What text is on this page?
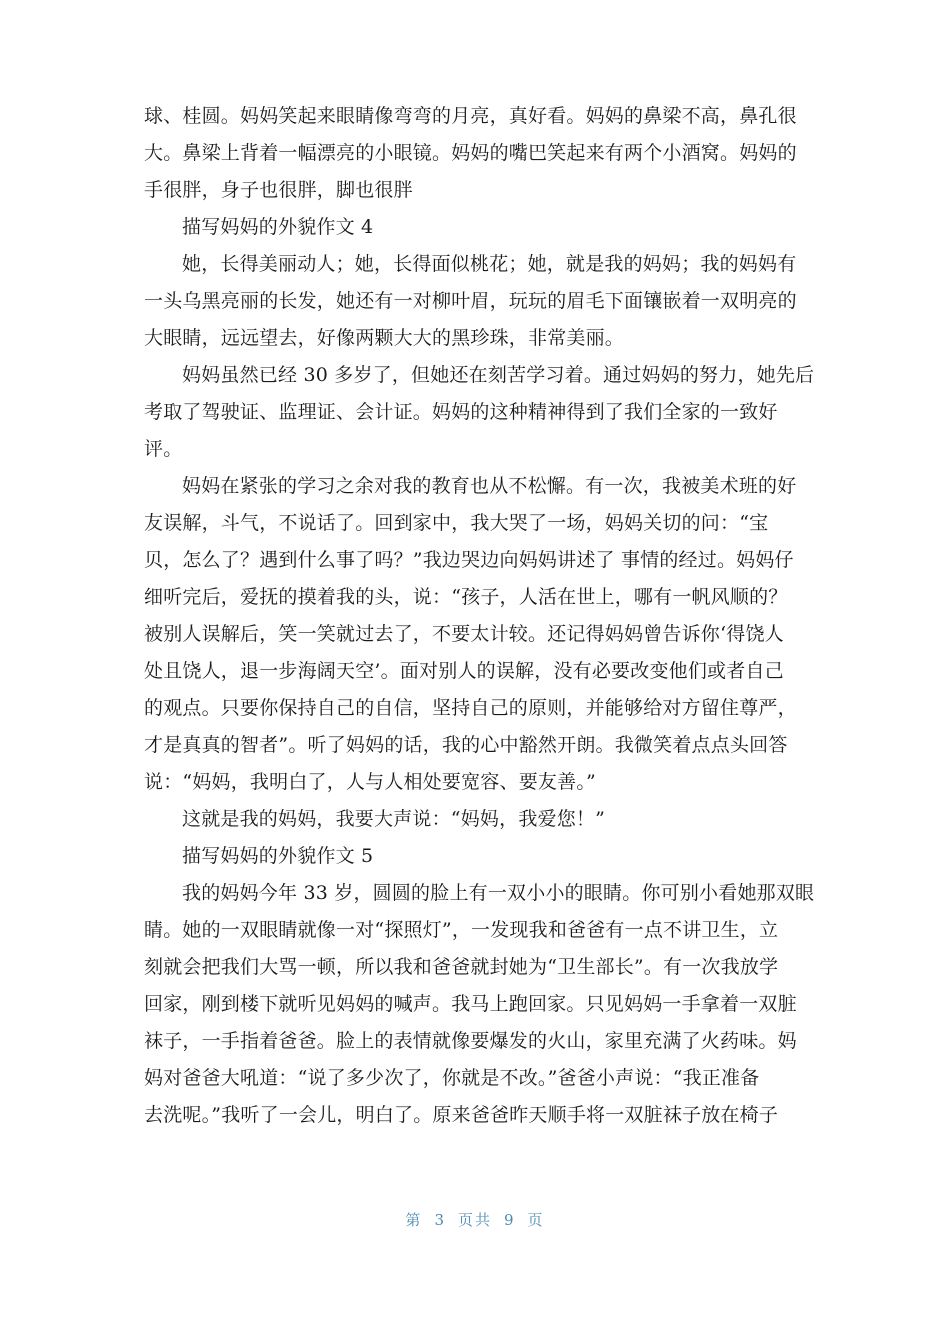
球、桂圆。妈妈笑起来眼睛像弯弯的月亮，真好看。妈妈的鼻梁不高，鼻孔很
大。鼻梁上背着一幅漂亮的小眼镜。妈妈的嘴巴笑起来有两个小酒窝。妈妈的
手很胖，身子也很胖，脚也很胖
描写妈妈的外貌作文 4
她，长得美丽动人；她，长得面似桃花；她，就是我的妈妈；我的妈妈有
一头乌黑亮丽的长发，她还有一对柳叶眉，玩玩的眉毛下面镶嵌着一双明亮的
大眼睛，远远望去，好像两颗大大的黑珍珠，非常美丽。
妈妈虽然已经 30 多岁了，但她还在刻苦学习着。通过妈妈的努力，她先后
考取了驾驶证、监理证、会计证。妈妈的这种精神得到了我们全家的一致好
评。
妈妈在紧张的学习之余对我的教育也从不松懈。有一次，我被美术班的好
友误解，斗气，不说话了。回到家中，我大哭了一场，妈妈关切的问：“宝
贝，怎么了？遇到什么事了吗？”我边哭边向妈妈讲述了 事情的经过。妈妈仔
细听完后，爱抚的摸着我的头，说：“孩子，人活在世上，哪有一帆风顺的？
被别人误解后，笑一笑就过去了，不要太计较。还记得妈妈曾告诉你‘得饶人
处且饶人，退一步海阔天空’。面对别人的误解，没有必要改变他们或者自己
的观点。只要你保持自己的自信，坚持自己的原则，并能够给对方留住尊严，
才是真真的智者”。听了妈妈的话，我的心中豁然开朗。我微笑着点点头回答
说：“妈妈，我明白了，人与人相处要宽容、要友善。”
这就是我的妈妈，我要大声说：“妈妈，我爱您！”
描写妈妈的外貌作文 5
我的妈妈今年 33 岁，圆圆的脸上有一双小小的眼睛。你可别小看她那双眼
睛。她的一双眼睛就像一对“探照灯”，一发现我和爸爸有一点不讲卫生，立
刻就会把我们大骂一顿，所以我和爸爸就封她为“卫生部长”。有一次我放学
回家，刚到楼下就听见妈妈的喊声。我马上跑回家。只见妈妈一手拿着一双脏
袜子，一手指着爸爸。脸上的表情就像要爆发的火山，家里充满了火药味。妈
妈对爸爸大吼道：“说了多少次了，你就是不改。”爸爸小声说：“我正准备
去洗呢。”我听了一会儿，明白了。原来爸爸昨天顺手将一双脏袜子放在椅子
第 3 页共 9 页
